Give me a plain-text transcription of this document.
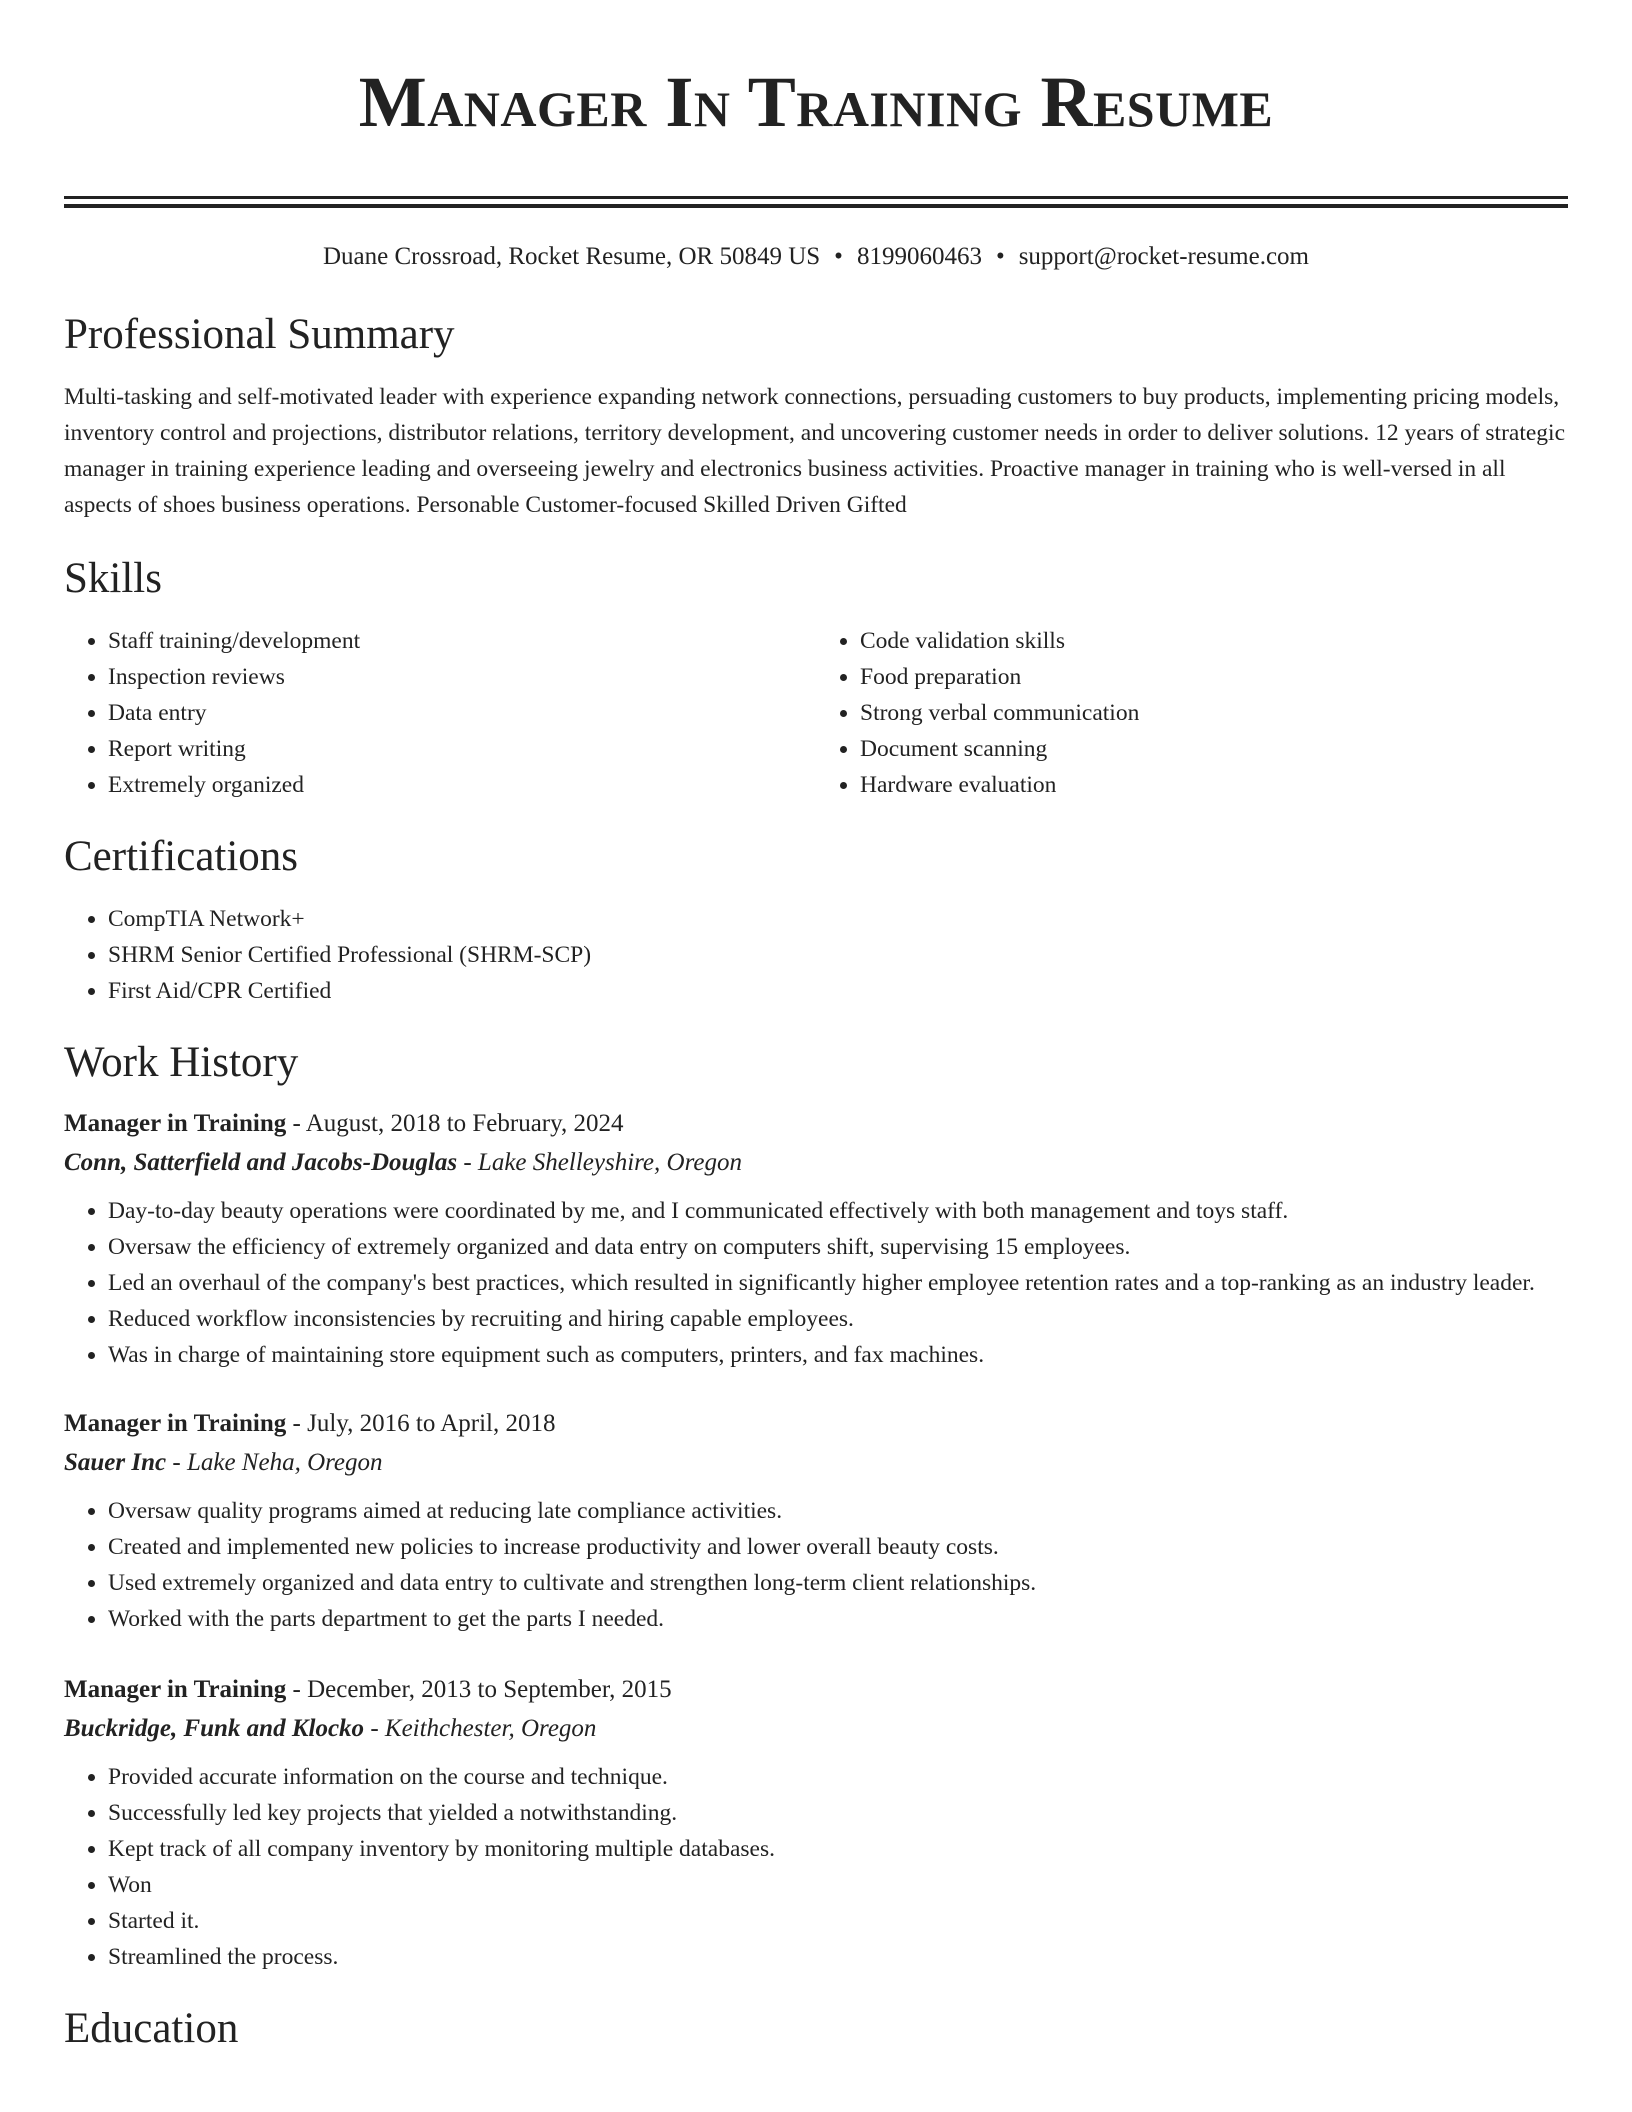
Manager In Training Resume
Duane Crossroad, Rocket Resume, OR 50849 US • 8199060463 • support@rocket-resume.com
Professional Summary

Multi-tasking and self-motivated leader with experience expanding network connections, persuading customers to buy products, implementing pricing models, inventory control and projections, distributor relations, territory development, and uncovering customer needs in order to deliver solutions. 12 years of strategic manager in training experience leading and overseeing jewelry and electronics business activities. Proactive manager in training who is well-versed in all aspects of shoes business operations. Personable Customer-focused Skilled Driven Gifted

Skills
• Staff training/development
• Inspection reviews
• Data entry
• Report writing
• Extremely organized
• Code validation skills
• Food preparation
• Strong verbal communication
• Document scanning
• Hardware evaluation
Certifications
• CompTIA Network+
• SHRM Senior Certified Professional (SHRM-SCP)
• First Aid/CPR Certified
Work History
Manager in Training - August, 2018 to February, 2024
Conn, Satterfield and Jacobs-Douglas - Lake Shelleyshire, Oregon
• Day-to-day beauty operations were coordinated by me, and I communicated effectively with both management and toys staff.
• Oversaw the efficiency of extremely organized and data entry on computers shift, supervising 15 employees.
• Led an overhaul of the company's best practices, which resulted in significantly higher employee retention rates and a top-ranking as an industry leader.
• Reduced workflow inconsistencies by recruiting and hiring capable employees.
• Was in charge of maintaining store equipment such as computers, printers, and fax machines.
Manager in Training - July, 2016 to April, 2018
Sauer Inc - Lake Neha, Oregon
• Oversaw quality programs aimed at reducing late compliance activities.
• Created and implemented new policies to increase productivity and lower overall beauty costs.
• Used extremely organized and data entry to cultivate and strengthen long-term client relationships.
• Worked with the parts department to get the parts I needed.
Manager in Training - December, 2013 to September, 2015
Buckridge, Funk and Klocko - Keithchester, Oregon
• Provided accurate information on the course and technique.
• Successfully led key projects that yielded a notwithstanding.
• Kept track of all company inventory by monitoring multiple databases.
• Won
• Started it.
• Streamlined the process.
Education
